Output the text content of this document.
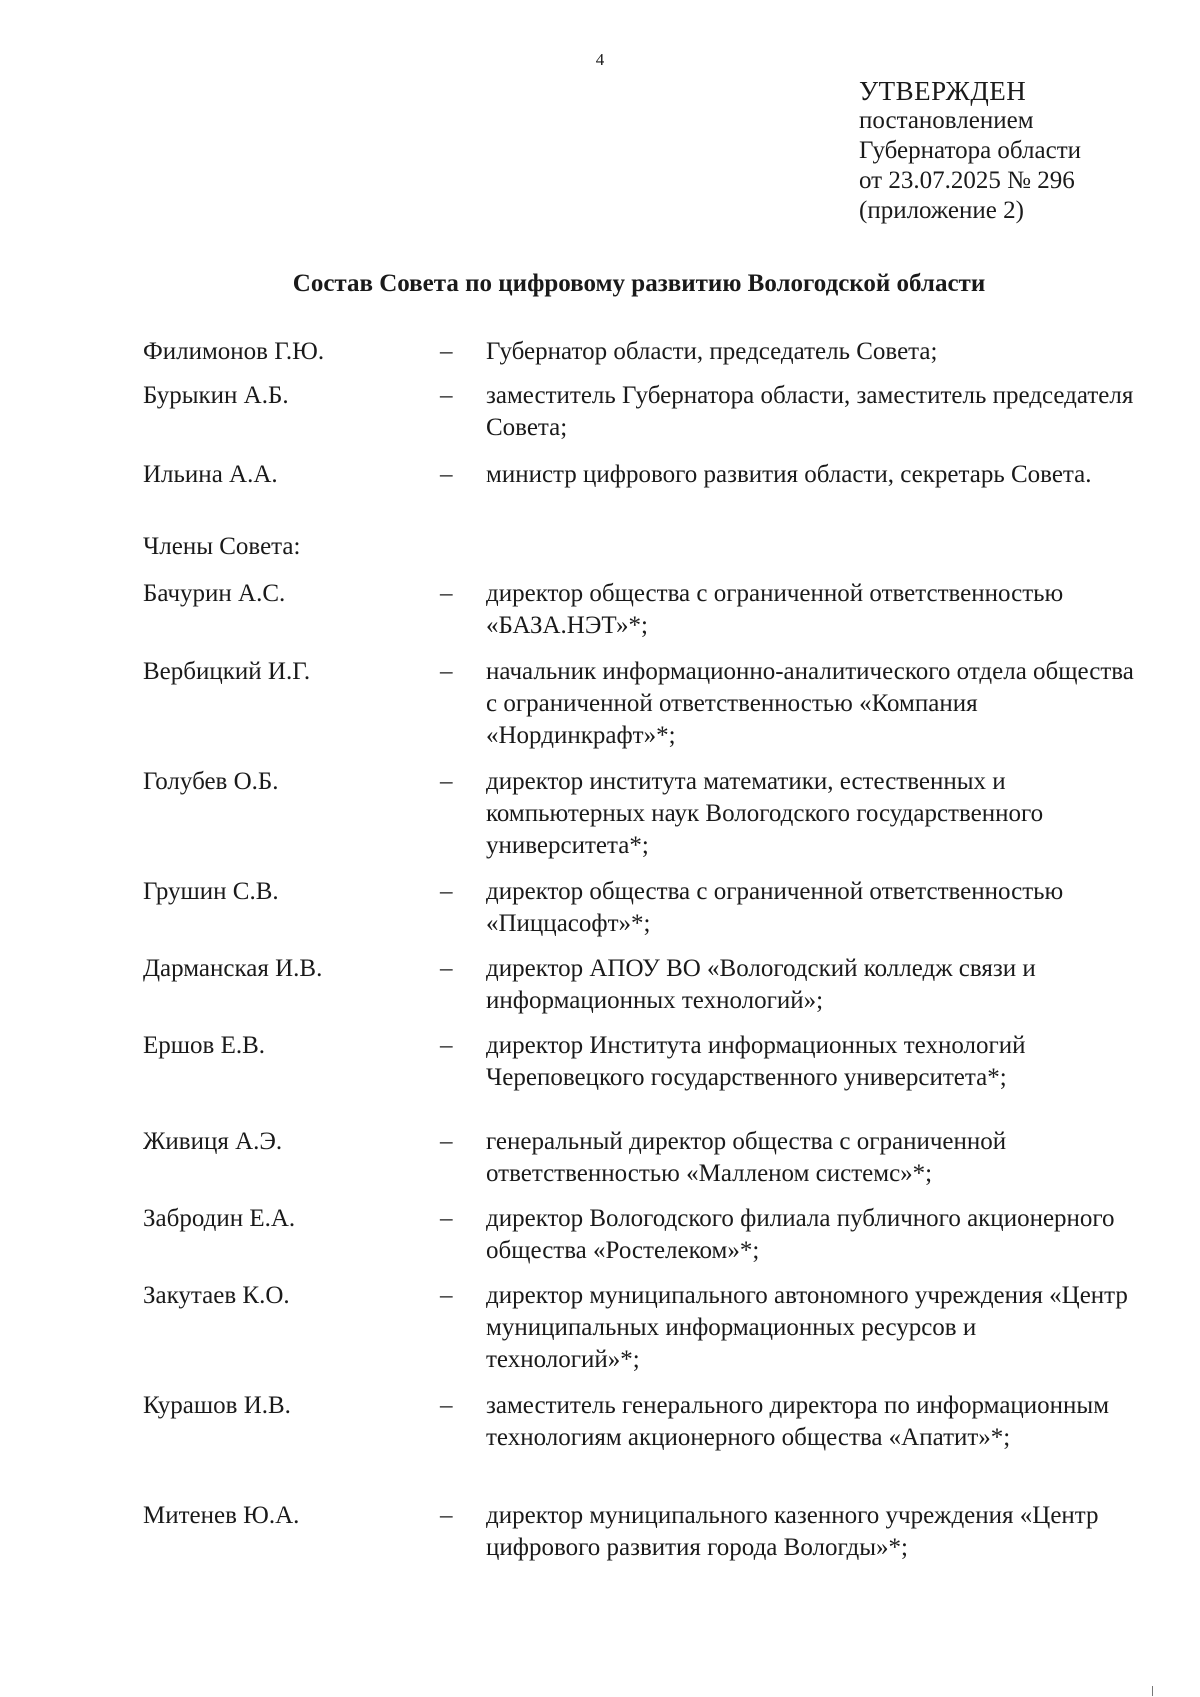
4
УТВЕРЖДЕН
постановлением
Губернатора области
от 23.07.2025 № 296
(приложение 2)
Состав Совета по цифровому развитию Вологодской области
Филимонов Г.Ю.	– Губернатор области, председатель Совета;
Бурыкин А.Б.	– заместитель Губернатора области, заместитель председателя Совета;
Ильина А.А.	– министр цифрового развития области, секретарь Совета.
Члены Совета:
Бачурин А.С.	– директор общества с ограниченной ответственностью «БАЗА.НЭТ»*;
Вербицкий И.Г.	– начальник информационно-аналитического отдела общества с ограниченной ответственностью «Компания «Нординкрафт»*;
Голубев О.Б.	– директор института математики, естественных и компьютерных наук Вологодского государственного университета*;
Грушин С.В.	– директор общества с ограниченной ответственностью «Пиццасофт»*;
Дарманская И.В.	– директор АПОУ ВО «Вологодский колледж связи и информационных технологий»;
Ершов Е.В.	– директор Института информационных технологий Череповецкого государственного университета*;
Живиця А.Э.	– генеральный директор общества с ограниченной ответственностью «Малленом системс»*;
Забродин Е.А.	– директор Вологодского филиала публичного акционерного общества «Ростелеком»*;
Закутаев К.О.	– директор муниципального автономного учреждения «Центр муниципальных информационных ресурсов и технологий»*;
Курашов И.В.	– заместитель генерального директора по информационным технологиям акционерного общества «Апатит»*;
Митенев Ю.А.	– директор муниципального казенного учреждения «Центр цифрового развития города Вологды»*;
